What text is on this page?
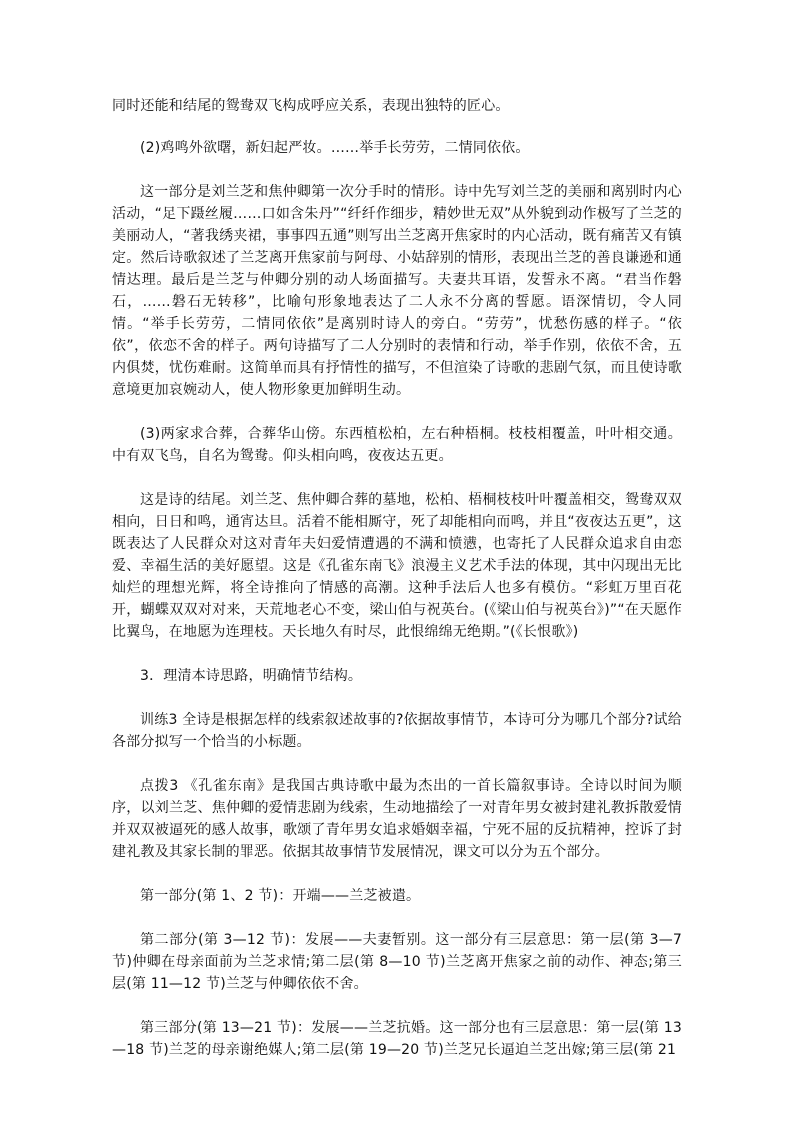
同时还能和结尾的鸳鸯双飞构成呼应关系，表现出独特的匠心。

(2)鸡鸣外欲曙，新妇起严妆。……举手长劳劳，二情同依依。

这一部分是刘兰芝和焦仲卿第一次分手时的情形。诗中先写刘兰芝的美丽和离别时内心活动，“足下蹑丝履……口如含朱丹”“纤纤作细步，精妙世无双”从外貌到动作极写了兰芝的美丽动人，“著我绣夹裙，事事四五通”则写出兰芝离开焦家时的内心活动，既有痛苦又有镇定。然后诗歌叙述了兰芝离开焦家前与阿母、小姑辞别的情形，表现出兰芝的善良谦逊和通情达理。最后是兰芝与仲卿分别的动人场面描写。夫妻共耳语，发誓永不离。“君当作磐石，……磐石无转移”，比喻句形象地表达了二人永不分离的誓愿。语深情切，令人同情。“举手长劳劳，二情同依依”是离别时诗人的旁白。“劳劳”，忧愁伤感的样子。“依依”，依恋不舍的样子。两句诗描写了二人分别时的表情和行动，举手作别，依依不舍，五内俱焚，忧伤难耐。这简单而具有抒情性的描写，不但渲染了诗歌的悲剧气氛，而且使诗歌意境更加哀婉动人，使人物形象更加鲜明生动。

(3)两家求合葬，合葬华山傍。东西植松柏，左右种梧桐。枝枝相覆盖，叶叶相交通。中有双飞鸟，自名为鸳鸯。仰头相向鸣，夜夜达五更。

这是诗的结尾。刘兰芝、焦仲卿合葬的墓地，松柏、梧桐枝枝叶叶覆盖相交，鸳鸯双双相向，日日和鸣，通宵达旦。活着不能相厮守，死了却能相向而鸣，并且“夜夜达五更”，这既表达了人民群众对这对青年夫妇爱情遭遇的不满和愤懑，也寄托了人民群众追求自由恋爱、幸福生活的美好愿望。这是《孔雀东南飞》浪漫主义艺术手法的体现，其中闪现出无比灿烂的理想光辉，将全诗推向了情感的高潮。这种手法后人也多有模仿。“彩虹万里百花开，蝴蝶双双对对来，天荒地老心不变，梁山伯与祝英台。(《梁山伯与祝英台》)”“在天愿作比翼鸟，在地愿为连理枝。天长地久有时尽，此恨绵绵无绝期。”(《长恨歌》)

3．理清本诗思路，明确情节结构。

训练3 全诗是根据怎样的线索叙述故事的?依据故事情节，本诗可分为哪几个部分?试给各部分拟写一个恰当的小标题。

点拨3 《孔雀东南》是我国古典诗歌中最为杰出的一首长篇叙事诗。全诗以时间为顺序，以刘兰芝、焦仲卿的爱情悲剧为线索，生动地描绘了一对青年男女被封建礼教拆散爱情并双双被逼死的感人故事，歌颂了青年男女追求婚姻幸福，宁死不屈的反抗精神，控诉了封建礼教及其家长制的罪恶。依据其故事情节发展情况，课文可以分为五个部分。

第一部分(第 1、2 节)：开端——兰芝被遣。

第二部分(第 3—12 节)：发展——夫妻暂别。这一部分有三层意思：第一层(第 3—7 节)仲卿在母亲面前为兰芝求情;第二层(第 8—10 节)兰芝离开焦家之前的动作、神态;第三层(第 11—12 节)兰芝与仲卿依依不舍。

第三部分(第 13—21 节)：发展——兰芝抗婚。这一部分也有三层意思：第一层(第 13—18 节)兰芝的母亲谢绝媒人;第二层(第 19—20 节)兰芝兄长逼迫兰芝出嫁;第三层(第 21
